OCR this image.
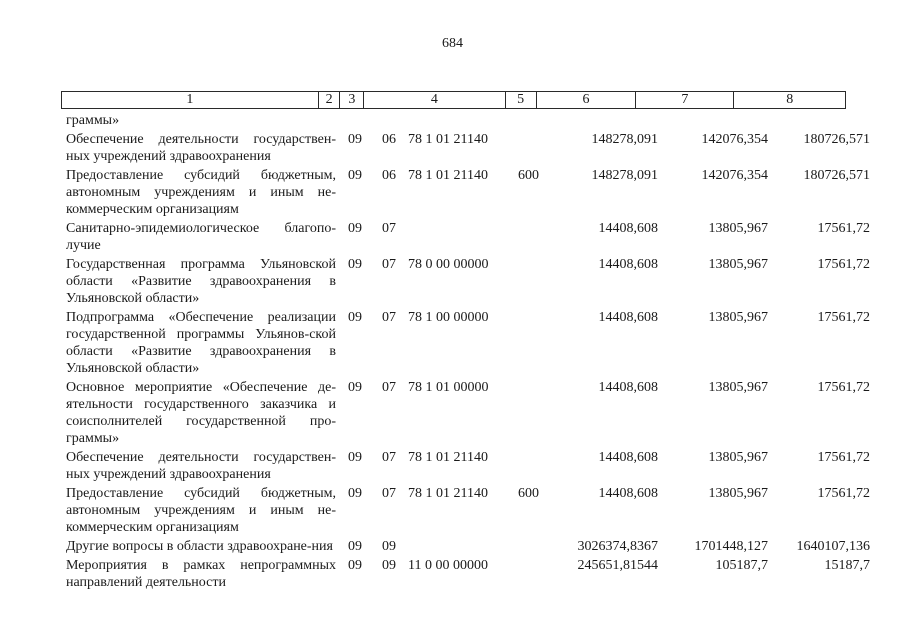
684
1	2	3	4	5	6	7	8
граммы»
Обеспечение деятельности государствен-ных учреждений здравоохранения
09	06 78 1 01 21140	148278,091	142076,354	180726,571
Предоставление субсидий бюджетным, автономным учреждениям и иным не-коммерческим организациям
09	06 78 1 01 21140	600	148278,091	142076,354	180726,571
Санитарно-эпидемиологическое благопо-лучие
09	07	14408,608	13805,967	17561,72
Государственная программа Ульяновской области «Развитие здравоохранения в Ульяновской области»
09	07 78 0 00 00000	14408,608	13805,967	17561,72
Подпрограмма «Обеспечение реализации государственной программы Ульянов-ской области «Развитие здравоохранения в Ульяновской области»
09	07 78 1 00 00000	14408,608	13805,967	17561,72
Основное мероприятие «Обеспечение де-ятельности государственного заказчика и соисполнителей государственной про-граммы»
09	07 78 1 01 00000	14408,608	13805,967	17561,72
Обеспечение деятельности государствен-ных учреждений здравоохранения
09	07 78 1 01 21140	14408,608	13805,967	17561,72
Предоставление субсидий бюджетным, автономным учреждениям и иным не-коммерческим организациям
09	07 78 1 01 21140	600	14408,608	13805,967	17561,72
Другие вопросы в области здравоохране-ния 09	09	3026374,8367	1701448,127	1640107,136
Мероприятия в рамках непрограммных направлений деятельности
09	09 11 0 00 00000	245651,81544	105187,7	15187,7
